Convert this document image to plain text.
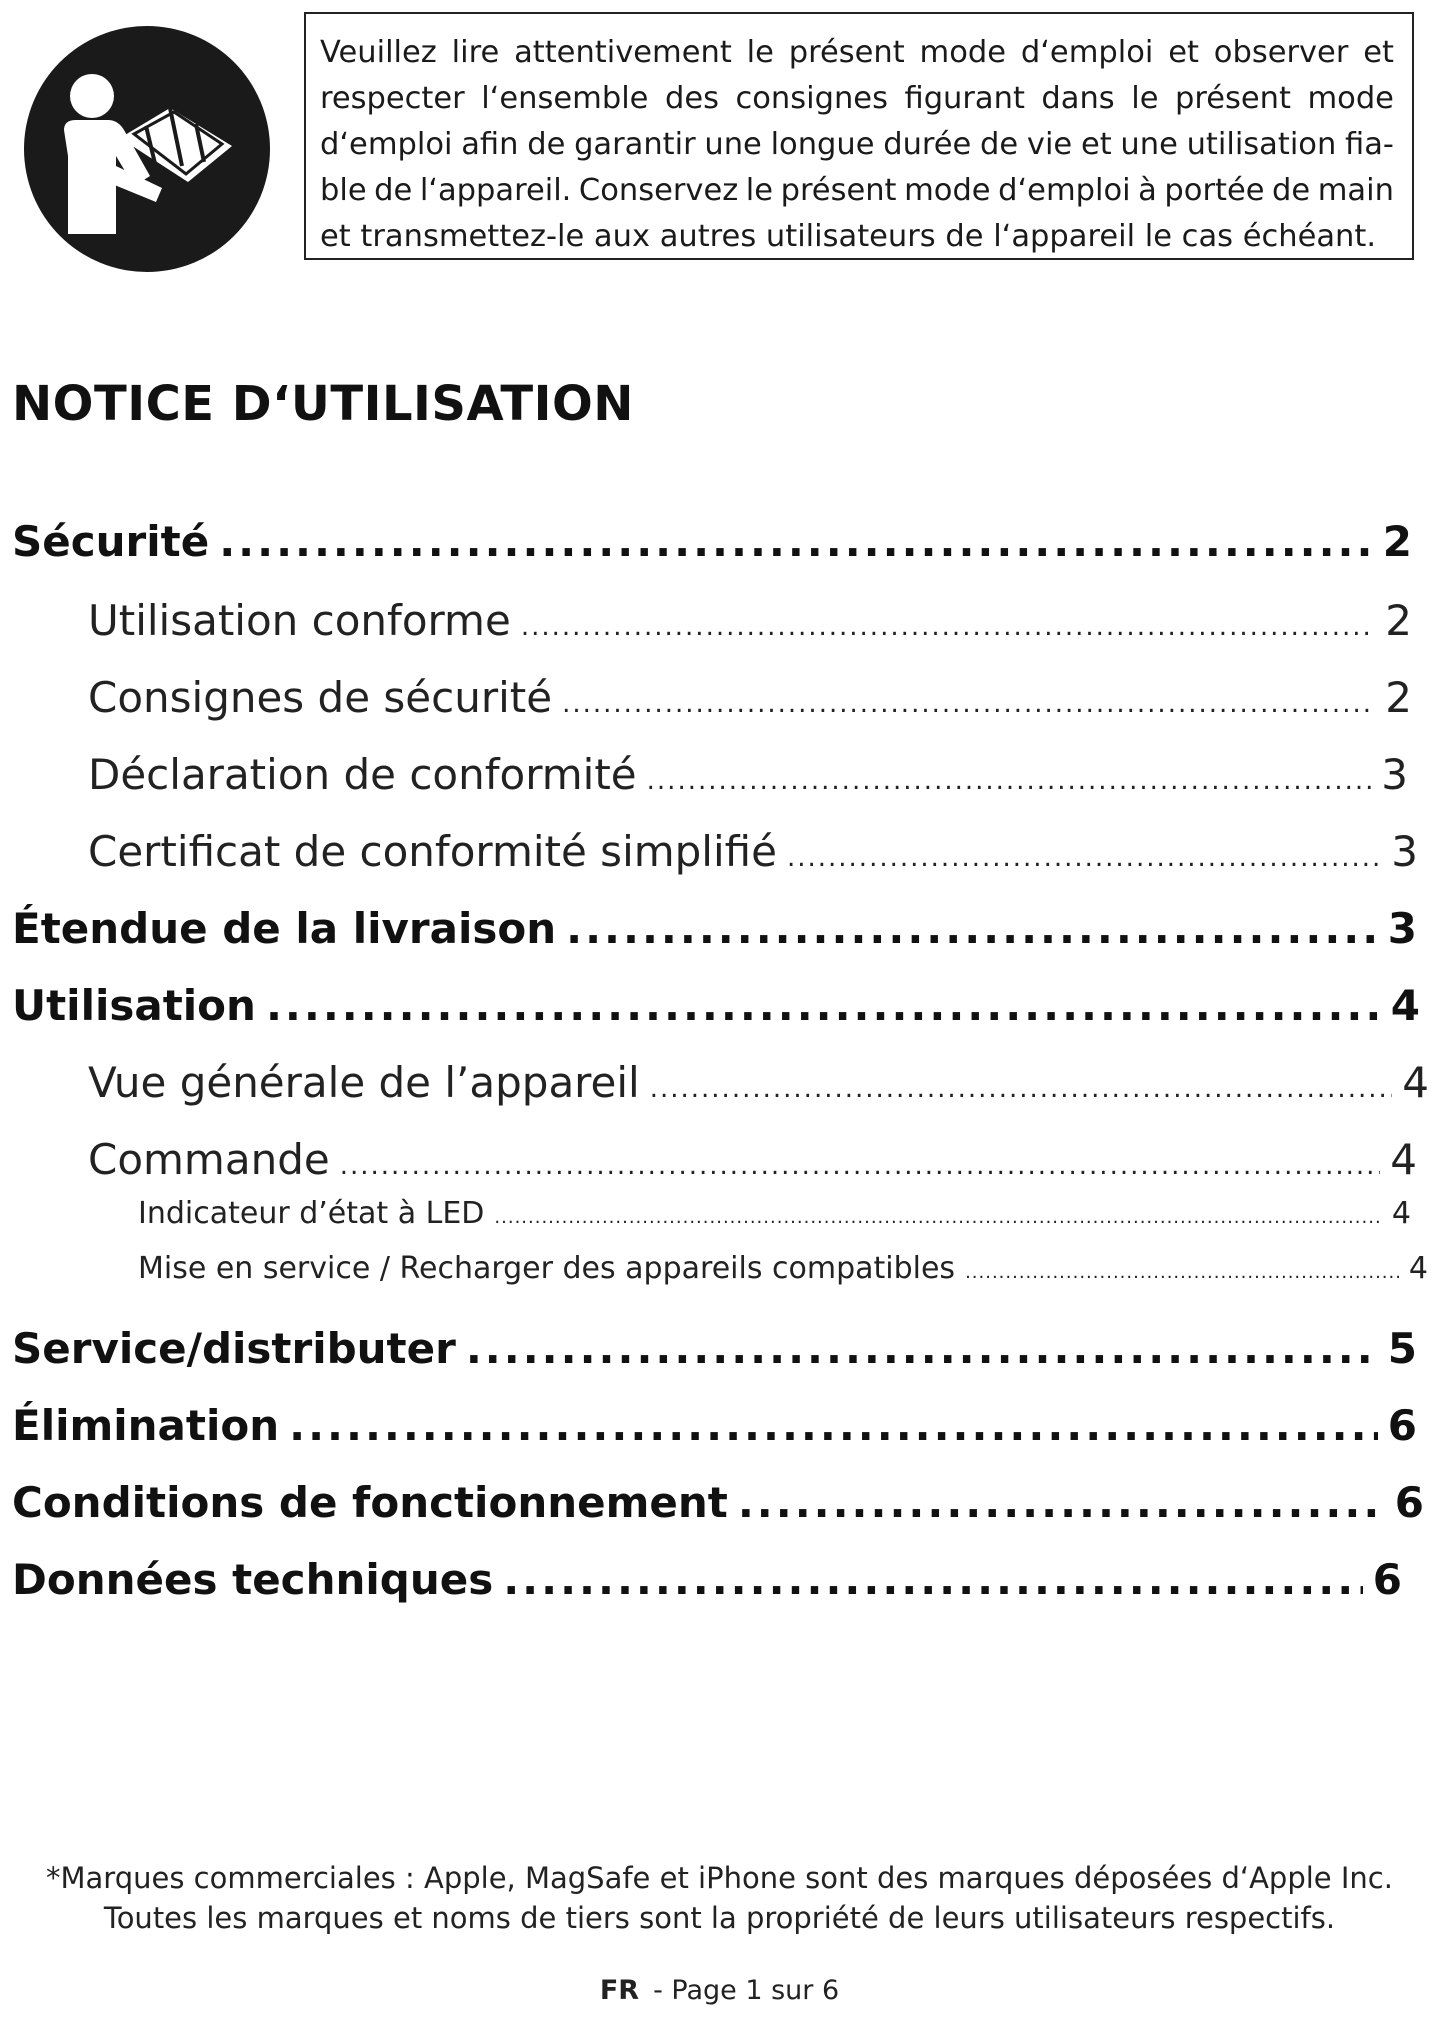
Veuillez lire attentivement le présent mode d‘emploi et observer et
respecter l‘ensemble des consignes figurant dans le présent mode
d‘emploi afin de garantir une longue durée de vie et une utilisation fia-
ble de l‘appareil. Conservez le présent mode d‘emploi à portée de main
et transmettez-le aux autres utilisateurs de l‘appareil le cas échéant.
NOTICE D‘UTILISATION
Sécurité .....	2
Utilisation conforme .....	2
Consignes de sécurité .....	2
Déclaration de conformité .....	3
Certificat de conformité simplifié .....	3
Étendue de la livraison .....	3
Utilisation .....	4
Vue générale de l’appareil .....	4
Commande .....	4
Indicateur d’état à LED .....	4
Mise en service / Recharger des appareils compatibles .....	4
Service/distributer .....	5
Élimination .....	6
Conditions de fonctionnement .....	6
Données techniques .....	6
*Marques commerciales : Apple, MagSafe et iPhone sont des marques déposées d‘Apple Inc.
Toutes les marques et noms de tiers sont la propriété de leurs utilisateurs respectifs.
FR - Page 1 sur 6
